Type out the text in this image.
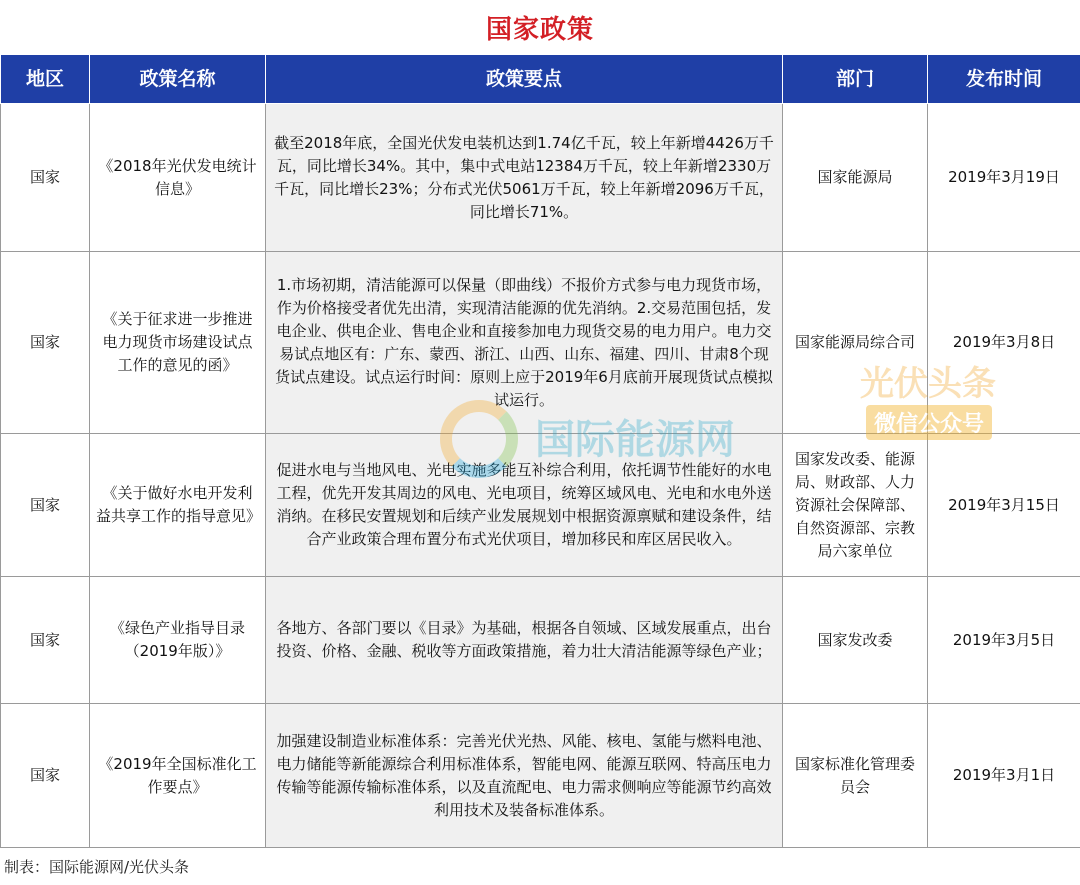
国家政策
地区	政策名称	政策要点	部门	发布时间
国家	《2018年光伏发电统计信息》	截至2018年底，全国光伏发电装机达到1.74亿千瓦，较上年新增4426万千瓦，同比增长34%。其中，集中式电站12384万千瓦，较上年新增2330万千瓦，同比增长23%；分布式光伏5061万千瓦，较上年新增2096万千瓦，同比增长71%。	国家能源局	2019年3月19日
国家	《关于征求进一步推进电力现货市场建设试点工作的意见的函》	1.市场初期，清洁能源可以保量（即曲线）不报价方式参与电力现货市场，作为价格接受者优先出清，实现清洁能源的优先消纳。2.交易范围包括，发电企业、供电企业、售电企业和直接参加电力现货交易的电力用户。电力交易试点地区有：广东、蒙西、浙江、山西、山东、福建、四川、甘肃8个现货试点建设。试点运行时间：原则上应于2019年6月底前开展现货试点模拟试运行。	国家能源局综合司	2019年3月8日
国家	《关于做好水电开发利益共享工作的指导意见》	促进水电与当地风电、光电实施多能互补综合利用，依托调节性能好的水电工程，优先开发其周边的风电、光电项目，统筹区域风电、光电和水电外送消纳。在移民安置规划和后续产业发展规划中根据资源禀赋和建设条件，结合产业政策合理布置分布式光伏项目，增加移民和库区居民收入。	国家发改委、能源局、财政部、人力资源社会保障部、自然资源部、宗教局六家单位	2019年3月15日
国家	《绿色产业指导目录（2019年版）》	各地方、各部门要以《目录》为基础，根据各自领域、区域发展重点，出台投资、价格、金融、税收等方面政策措施，着力壮大清洁能源等绿色产业；	国家发改委	2019年3月5日
国家	《2019年全国标准化工作要点》	加强建设制造业标准体系：完善光伏光热、风能、核电、氢能与燃料电池、电力储能等新能源综合利用标准体系，智能电网、能源互联网、特高压电力传输等能源传输标准体系，以及直流配电、电力需求侧响应等能源节约高效利用技术及装备标准体系。	国家标准化管理委员会	2019年3月1日
国际能源网
光伏头条
微信公众号
制表：国际能源网/光伏头条
